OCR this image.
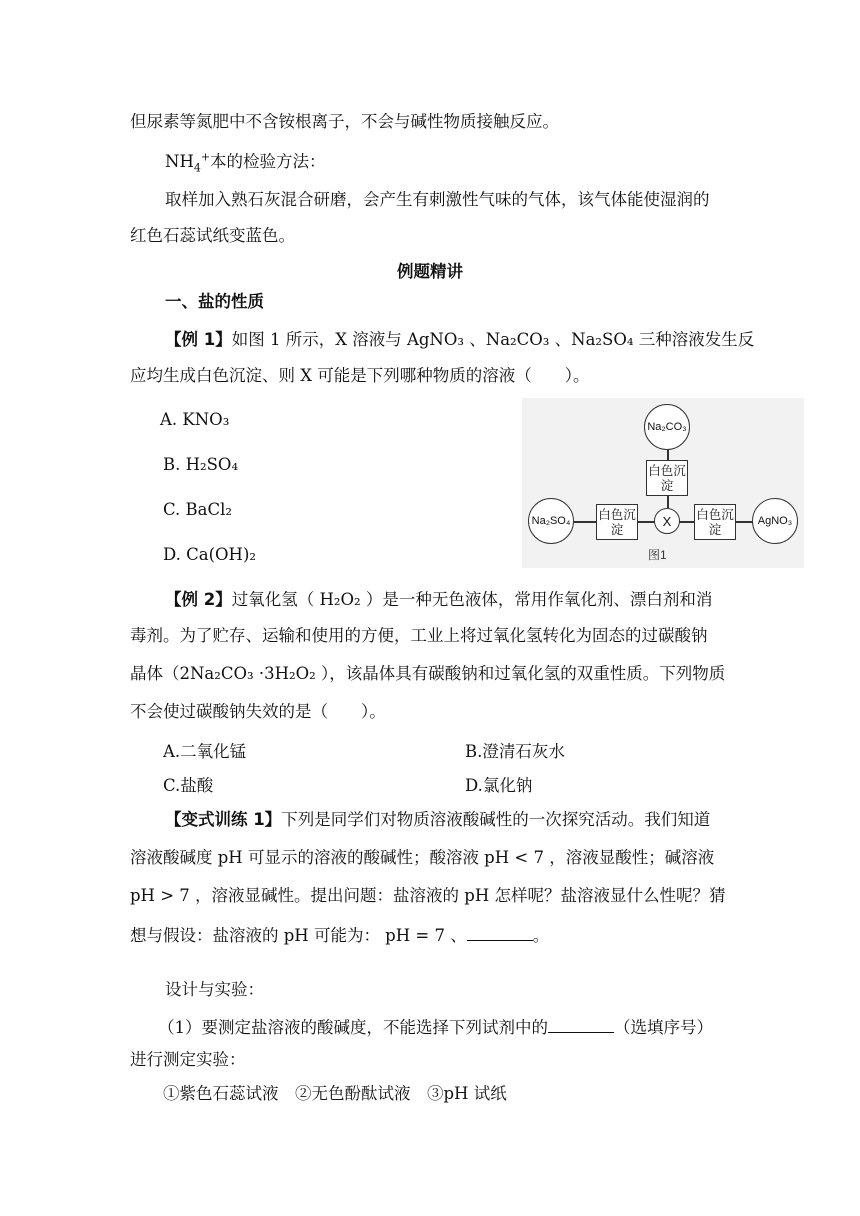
但尿素等氮肥中不含铵根离子，不会与碱性物质接触反应。
$NH_4^+$本的检验方法：
取样加入熟石灰混合研磨，会产生有刺激性气味的气体，该气体能使湿润的
红色石蕊试纸变蓝色。
例题精讲
一、盐的性质
【例 1】如图 1 所示，X 溶液与 AgNO₃ 、Na₂CO₃ 、Na₂SO₄ 三种溶液发生反
应均生成白色沉淀、则 X 可能是下列哪种物质的溶液（　　）。
A. KNO₃
B. H₂SO₄
C. BaCl₂
D. Ca(OH)₂
Na₂CO₃
白色沉淀
Na₂SO₄ 白色沉淀
X	白色沉淀
AgNO₃
图1
【例 2】过氧化氢（ H₂O₂ ）是一种无色液体，常用作氧化剂、漂白剂和消
毒剂。为了贮存、运输和使用的方便，工业上将过氧化氢转化为固态的过碳酸钠
晶体（2Na₂CO₃ ·3H₂O₂ ），该晶体具有碳酸钠和过氧化氢的双重性质。下列物质
不会使过碳酸钠失效的是（　　）。
A.二氧化锰	B.澄清石灰水
C.盐酸	D.氯化钠
【变式训练 1】下列是同学们对物质溶液酸碱性的一次探究活动。我们知道
溶液酸碱度 pH 可显示的溶液的酸碱性；酸溶液 pH < 7 ，溶液显酸性；碱溶液
pH > 7 ，溶液显碱性。提出问题：盐溶液的 pH 怎样呢？盐溶液显什么性呢？猜
想与假设：盐溶液的 pH 可能为： pH = 7 、	。
设计与实验：
（1）要测定盐溶液的酸碱度，不能选择下列试剂中的	（选填序号）
进行测定实验：
①紫色石蕊试液　②无色酚酞试液　③pH 试纸
